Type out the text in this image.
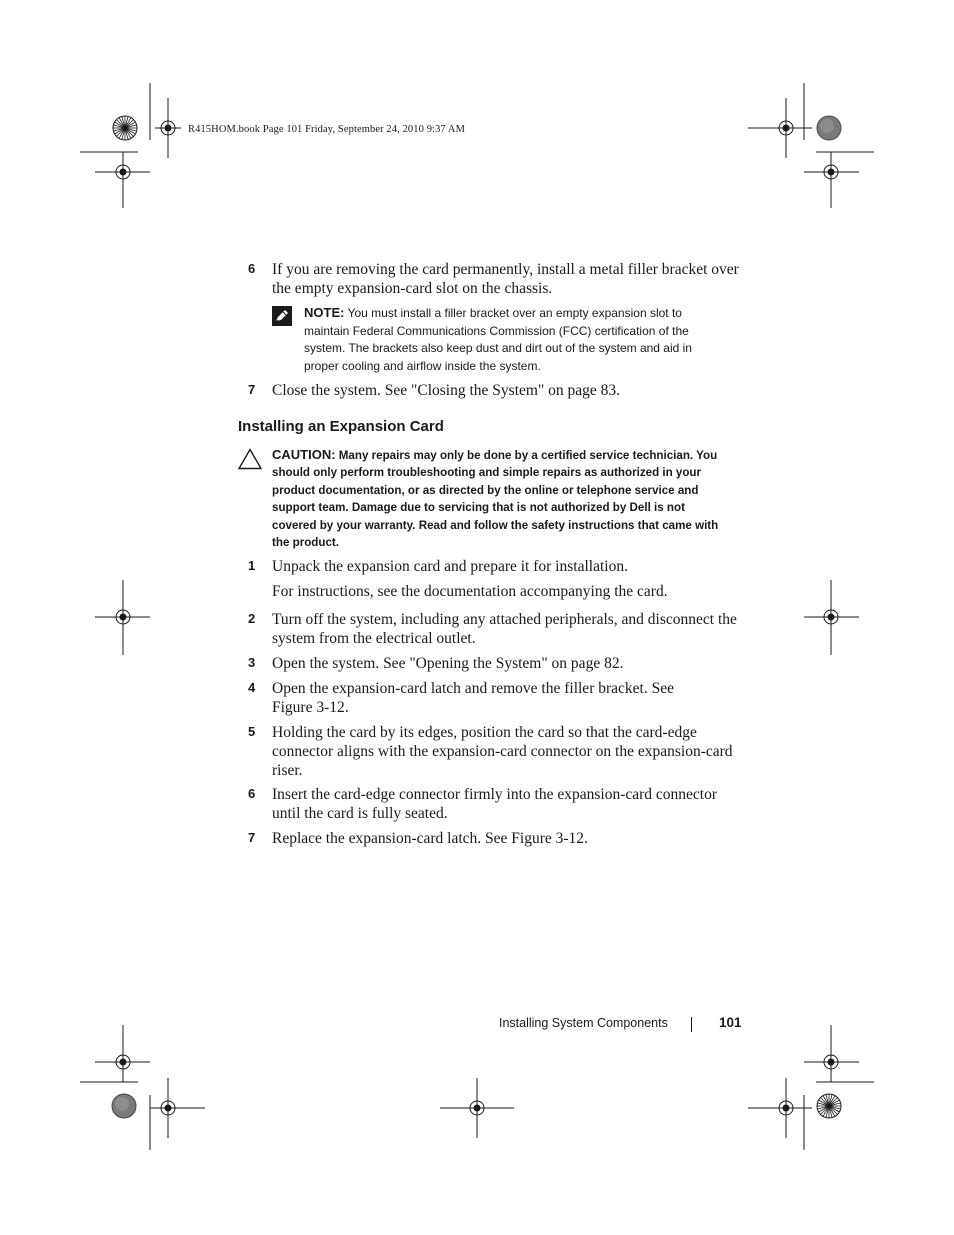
R415HOM.book Page 101 Friday, September 24, 2010 9:37 AM
6 If you are removing the card permanently, install a metal filler bracket over the empty expansion-card slot on the chassis.
NOTE: You must install a filler bracket over an empty expansion slot to maintain Federal Communications Commission (FCC) certification of the system. The brackets also keep dust and dirt out of the system and aid in proper cooling and airflow inside the system.
7 Close the system. See "Closing the System" on page 83.
Installing an Expansion Card
CAUTION: Many repairs may only be done by a certified service technician. You should only perform troubleshooting and simple repairs as authorized in your product documentation, or as directed by the online or telephone service and support team. Damage due to servicing that is not authorized by Dell is not covered by your warranty. Read and follow the safety instructions that came with the product.
1 Unpack the expansion card and prepare it for installation.
For instructions, see the documentation accompanying the card.
2 Turn off the system, including any attached peripherals, and disconnect the system from the electrical outlet.
3 Open the system. See "Opening the System" on page 82.
4 Open the expansion-card latch and remove the filler bracket. See Figure 3-12.
5 Holding the card by its edges, position the card so that the card-edge connector aligns with the expansion-card connector on the expansion-card riser.
6 Insert the card-edge connector firmly into the expansion-card connector until the card is fully seated.
7 Replace the expansion-card latch. See Figure 3-12.
Installing System Components	101
